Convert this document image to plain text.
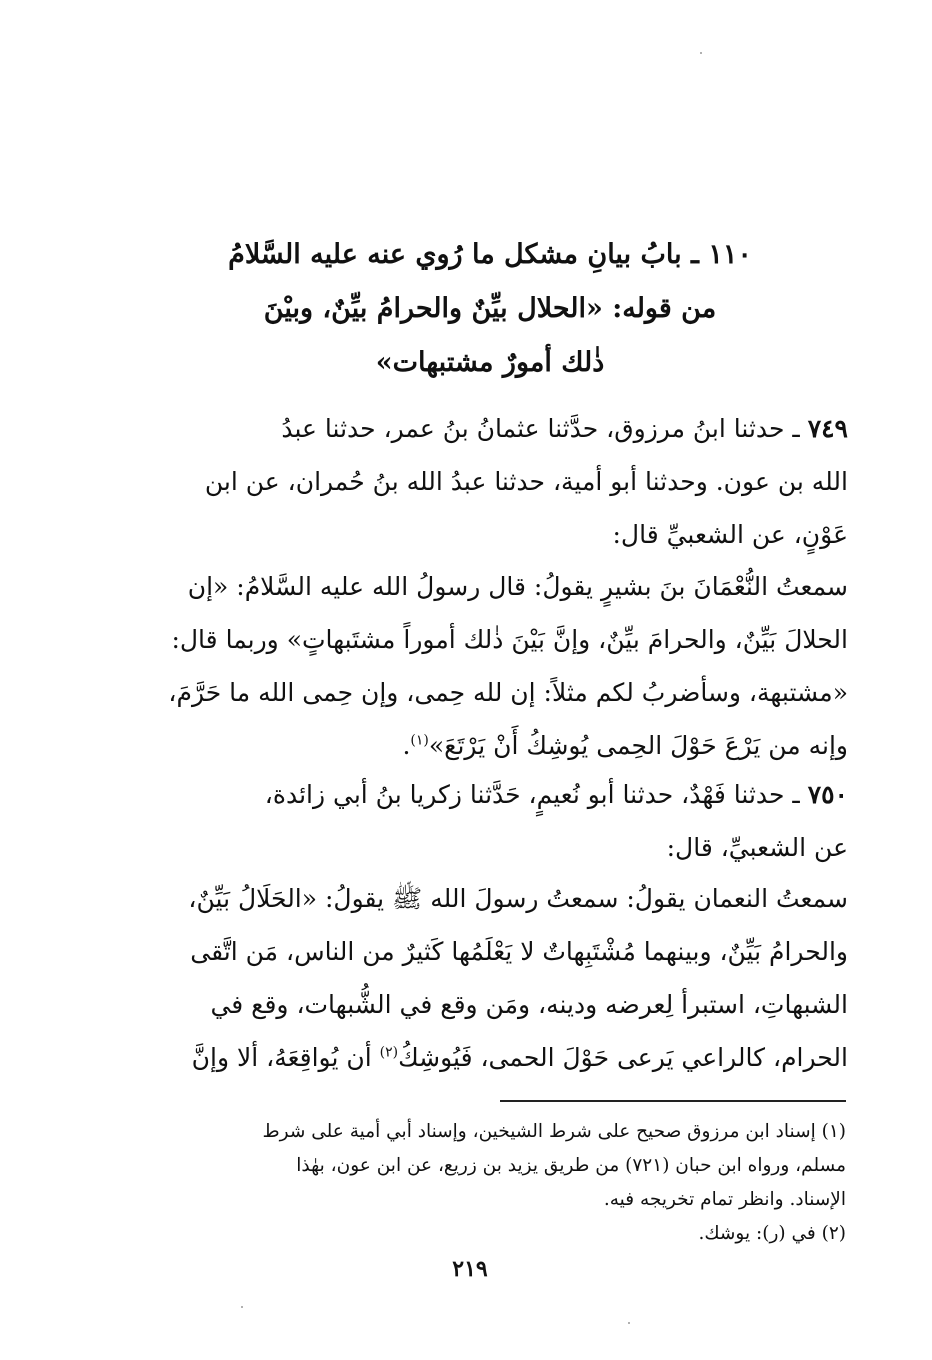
١١٠ ـ بابُ بيانِ مشكل ما رُوي عنه عليه السَّلامُ
من قوله: «الحلال بيِّنٌ والحرامُ بيِّنٌ، وبيْنَ
ذٰلك أمورٌ مشتبهات»
٧٤٩ ـ حدثنا ابنُ مرزوق، حدَّثنا عثمانُ بنُ عمر، حدثنا عبدُ
الله بن عون. وحدثنا أبو أمية، حدثنا عبدُ الله بنُ حُمران، عن ابن
عَوْنٍ، عن الشعبيِّ قال:
سمعتُ النُّعْمَانَ بنَ بشيرٍ يقولُ: قال رسولُ الله عليه السَّلامُ: «إن
الحلالَ بَيِّنٌ، والحرامَ بيِّنٌ، وإنَّ بَيْنَ ذٰلك أموراً مشتَبهاتٍ» وربما قال:
«مشتبهة، وسأضربُ لكم مثلاً: إن لله حِمى، وإن حِمى الله ما حَرَّمَ،
وإنه من يَرْعَ حَوْلَ الحِمى يُوشِكُ أَنْ يَرْتَعَ»$^{(١)}$.
٧٥٠ ـ حدثنا فَهْدٌ، حدثنا أبو نُعيمٍ، حَدَّثنا زكريا بنُ أبي زائدة،
عن الشعبيِّ، قال:
سمعتُ النعمان يقولُ: سمعتُ رسولَ الله ﷺ يقولُ: «الحَلَالُ بَيِّنٌ،
والحرامُ بَيِّنٌ، وبينهما مُشْتَبِهاتٌ لا يَعْلَمُها كَثيرٌ من الناس، مَن اتَّقى
الشبهاتِ، استبرأ لِعرضه ودينه، ومَن وقع في الشُّبهات، وقع في
الحرام، كالراعي يَرعى حَوْلَ الحمى، فَيُوشِكُ$^{(٢)}$ أن يُواقِعَهُ، ألا وإنَّ
(١) إسناد ابن مرزوق صحيح على شرط الشيخين، وإسناد أبي أمية على شرط
مسلم، ورواه ابن حبان (٧٢١) من طريق يزيد بن زريع، عن ابن عون، بهٰذا
الإسناد. وانظر تمام تخريجه فيه.
(٢) في (ر): يوشك.
٢١٩
